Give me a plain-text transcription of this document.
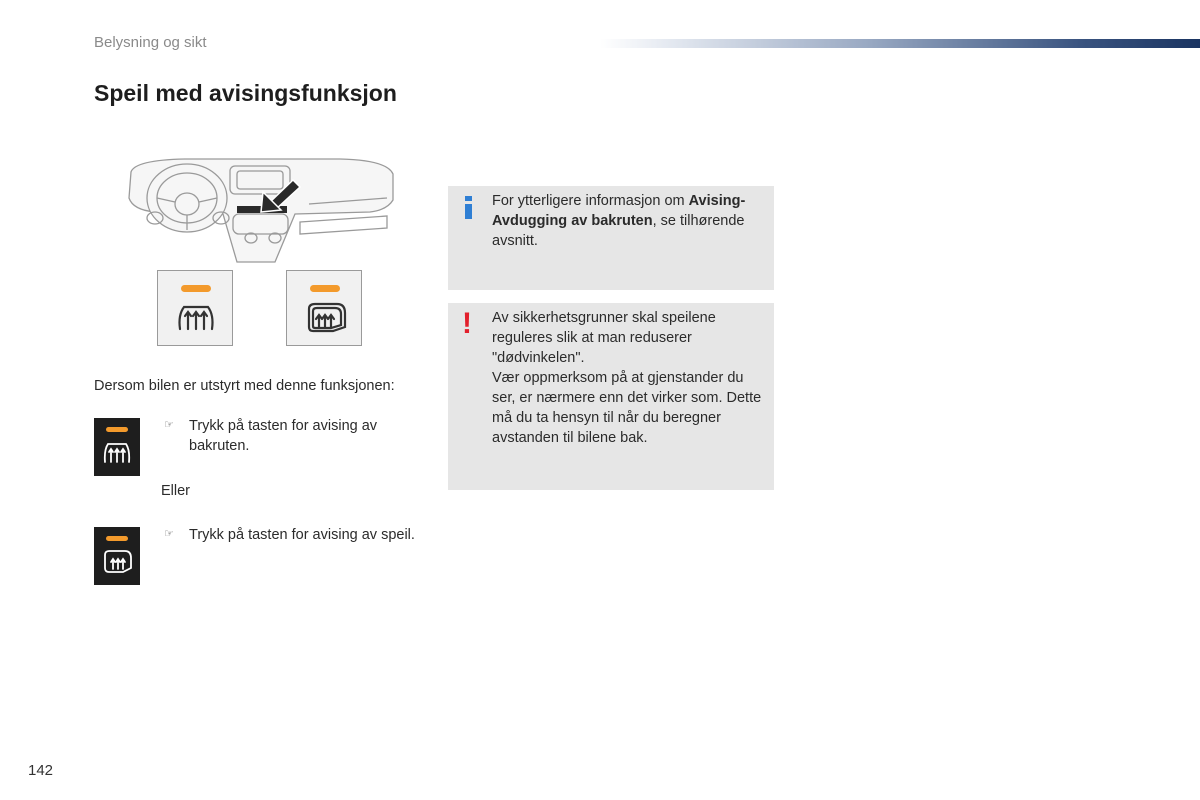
Belysning og sikt
Speil med avisingsfunksjon
Dersom bilen er utstyrt med denne funksjonen:
☞ Trykk på tasten for avising av bakruten.
Eller
☞ Trykk på tasten for avising av speil.
For ytterligere informasjon om Avising-Avdugging av bakruten, se tilhørende avsnitt.
! Av sikkerhetsgrunner skal speilene reguleres slik at man reduserer "dødvinkelen".
Vær oppmerksom på at gjenstander du ser, er nærmere enn det virker som. Dette må du ta hensyn til når du beregner avstanden til bilene bak.
142
